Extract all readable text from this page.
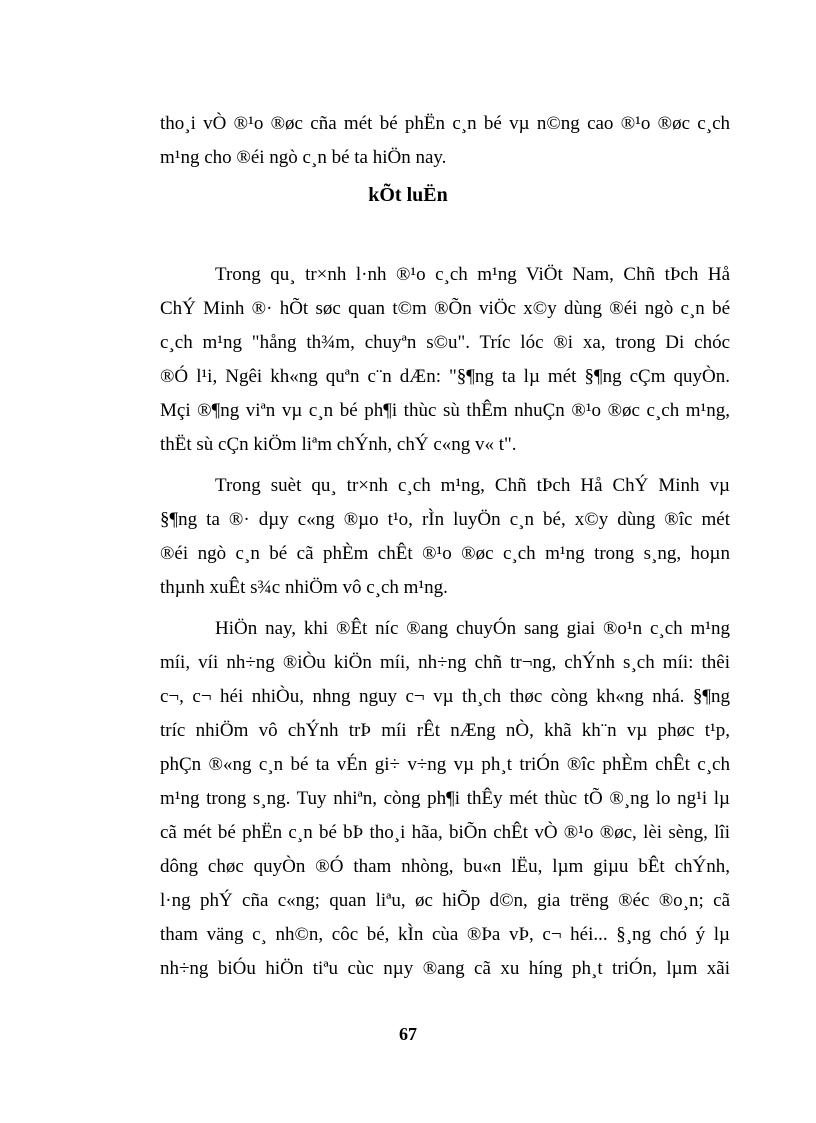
tho¸i vÒ ®¹o ®øc cña mét bé phËn c¸n bé vµ n©ng cao ®¹o ®øc c¸ch
m¹ng cho ®éi ngò c¸n bé ta hiÖn nay.
kÕt luËn
Trong qu¸ tr×nh l·nh ®¹o c¸ch m¹ng ViÖt Nam, Chñ tÞch Hå
ChÝ Minh ®· hÕt søc quan t©m ®Õn viÖc x©y dùng ®éi ngò c¸n bé
c¸ch m¹ng "hång th¾m, chuyªn s©u". Tríc lóc ®i xa, trong Di chóc
®Ó l¹i, Ngêi kh«ng quªn c¨n dÆn: "§¶ng ta lµ mét §¶ng cÇm quyÒn.
Mçi ®¶ng viªn vµ c¸n bé ph¶i thùc sù thÊm nhuÇn ®¹o ®øc c¸ch m¹ng,
thËt sù cÇn kiÖm liªm chÝnh, chÝ c«ng v« t".
Trong suèt qu¸ tr×nh c¸ch m¹ng, Chñ tÞch Hå ChÝ Minh vµ
§¶ng ta ®· dµy c«ng ®µo t¹o, rÌn luyÖn c¸n bé, x©y dùng ®îc mét
®éi ngò c¸n bé cã phÈm chÊt ®¹o ®øc c¸ch m¹ng trong s¸ng, hoµn
thµnh xuÊt s¾c nhiÖm vô c¸ch m¹ng.
HiÖn nay, khi ®Êt níc ®ang chuyÓn sang giai ®o¹n c¸ch m¹ng
míi, víi nh÷ng ®iÒu kiÖn míi, nh÷ng chñ tr¬ng, chÝnh s¸ch míi: thêi
c¬, c¬ héi nhiÒu, nhng nguy c¬ vµ th¸ch thøc còng kh«ng nhá. §¶ng
tríc nhiÖm vô chÝnh trÞ míi rÊt nÆng nÒ, khã kh¨n vµ phøc t¹p,
phÇn ®«ng c¸n bé ta vÉn gi÷ v÷ng vµ ph¸t triÓn ®îc phÈm chÊt c¸ch
m¹ng trong s¸ng. Tuy nhiªn, còng ph¶i thÊy mét thùc tÕ ®¸ng lo ng¹i lµ
cã mét bé phËn c¸n bé bÞ tho¸i hãa, biÕn chÊt vÒ ®¹o ®øc, lèi sèng, lîi
dông chøc quyÒn ®Ó tham nhòng, bu«n lËu, lµm giµu bÊt chÝnh,
l·ng phÝ cña c«ng; quan liªu, øc hiÕp d©n, gia trëng ®éc ®o¸n; cã
tham väng c¸ nh©n, côc bé, kÌn cùa ®Þa vÞ, c¬ héi... §¸ng chó ý lµ
nh÷ng biÓu hiÖn tiªu cùc nµy ®ang cã xu híng ph¸t triÓn, lµm xãi
67
